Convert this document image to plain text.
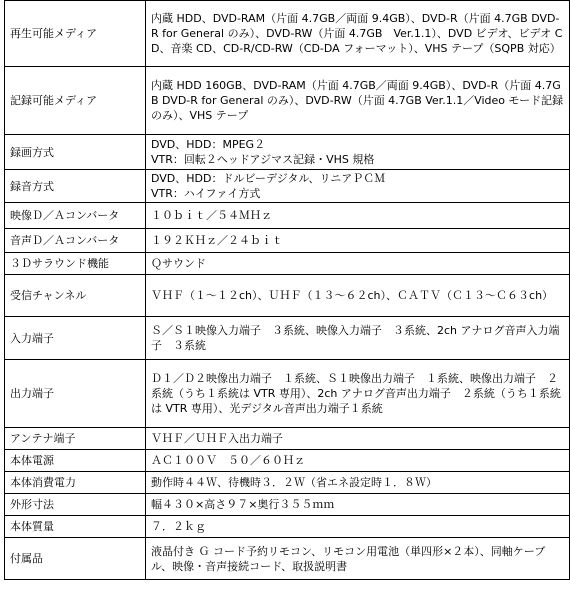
再生可能メディア	内蔵 HDD、DVD-RAM（片面 4.7GB／両面 9.4GB）、DVD-R（片面 4.7GB DVD-R for General のみ）、DVD-RW（片面 4.7GB　Ver.1.1）、DVD ビデオ、ビデオ CD、音楽 CD、CD-R/CD-RW（CD-DA フォーマット）、VHS テープ（SQPB 対応）
記録可能メディア	内蔵 HDD 160GB、DVD-RAM（片面 4.7GB／両面 9.4GB）、DVD-R（片面 4.7GB DVD-R for General のみ）、DVD-RW（片面 4.7GB Ver.1.1／Video モード記録のみ）、VHS テープ
録画方式	DVD、HDD：MPEG２
VTR：回転２ヘッドアジマス記録・VHS 規格
録音方式	DVD、HDD：ドルビーデジタル、リニアＰＣＭ
VTR：ハイファイ方式
映像Ｄ／Ａコンバータ	１０ｂｉｔ／５４ＭＨｚ
音声Ｄ／Ａコンバータ	１９２ＫＨｚ／２４ｂｉｔ
３Ｄサラウンド機能	Ｑサウンド
受信チャンネル	ＶＨＦ（１～１２ch）、ＵＨＦ（１３～６２ch）、ＣＡＴＶ（Ｃ１３～Ｃ６３ch）
入力端子	Ｓ／Ｓ１映像入力端子　３系統、映像入力端子　３系統、2ch アナログ音声入力端子　３系統
出力端子	Ｄ１／Ｄ２映像出力端子　１系統、Ｓ１映像出力端子　１系統、映像出力端子　２系統（うち１系統は VTR 専用）、2ch アナログ音声出力端子　２系統（うち１系統は VTR 専用）、光デジタル音声出力端子１系統
アンテナ端子	ＶＨＦ／ＵＨＦ入出力端子
本体電源	ＡＣ１００Ｖ　５０／６０Ｈｚ
本体消費電力	動作時４４Ｗ、待機時３．２Ｗ（省エネ設定時１．８Ｗ）
外形寸法	幅４３０×高さ９７×奥行３５５ｍｍ
本体質量	７．２ｋｇ
付属品	液晶付き Ｇ コード予約リモコン、リモコン用電池（単四形×２本）、同軸ケーブル、映像・音声接続コード、取扱説明書
